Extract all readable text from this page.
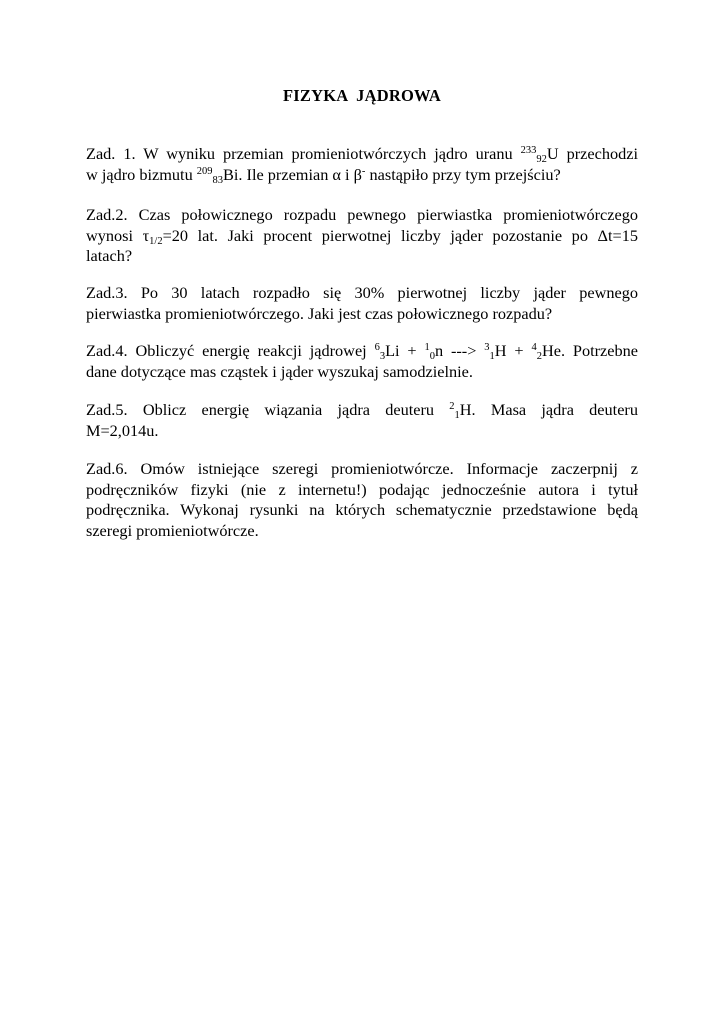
FIZYKA  JĄDROWA
Zad. 1. W wyniku przemian promieniotwórczych jądro uranu $^{233}_{92}$U przechodzi
w jądro bizmutu $^{209}_{83}$Bi. Ile przemian α i β- nastąpiło przy tym przejściu?
Zad.2. Czas połowicznego rozpadu pewnego pierwiastka promieniotwórczego
wynosi $\tau_{1/2}=20$ lat. Jaki procent pierwotnej liczby jąder pozostanie po Δt=15
latach?
Zad.3. Po 30 latach rozpadło się 30% pierwotnej liczby jąder pewnego
pierwiastka promieniotwórczego. Jaki jest czas połowicznego rozpadu?
Zad.4. Obliczyć energię reakcji jądrowej $^6_3$Li + $^1_0$n ---> $^3_1$H + $^4_2$He. Potrzebne
dane dotyczące mas cząstek i jąder wyszukaj samodzielnie.
Zad.5. Oblicz energię wiązania jądra deuteru $^2_1$H. Masa jądra deuteru
M=2,014u.
Zad.6. Omów istniejące szeregi promieniotwórcze. Informacje zaczerpnij z
podręczników fizyki (nie z internetu!) podając jednocześnie autora i tytuł
podręcznika. Wykonaj rysunki na których schematycznie przedstawione będą
szeregi promieniotwórcze.
